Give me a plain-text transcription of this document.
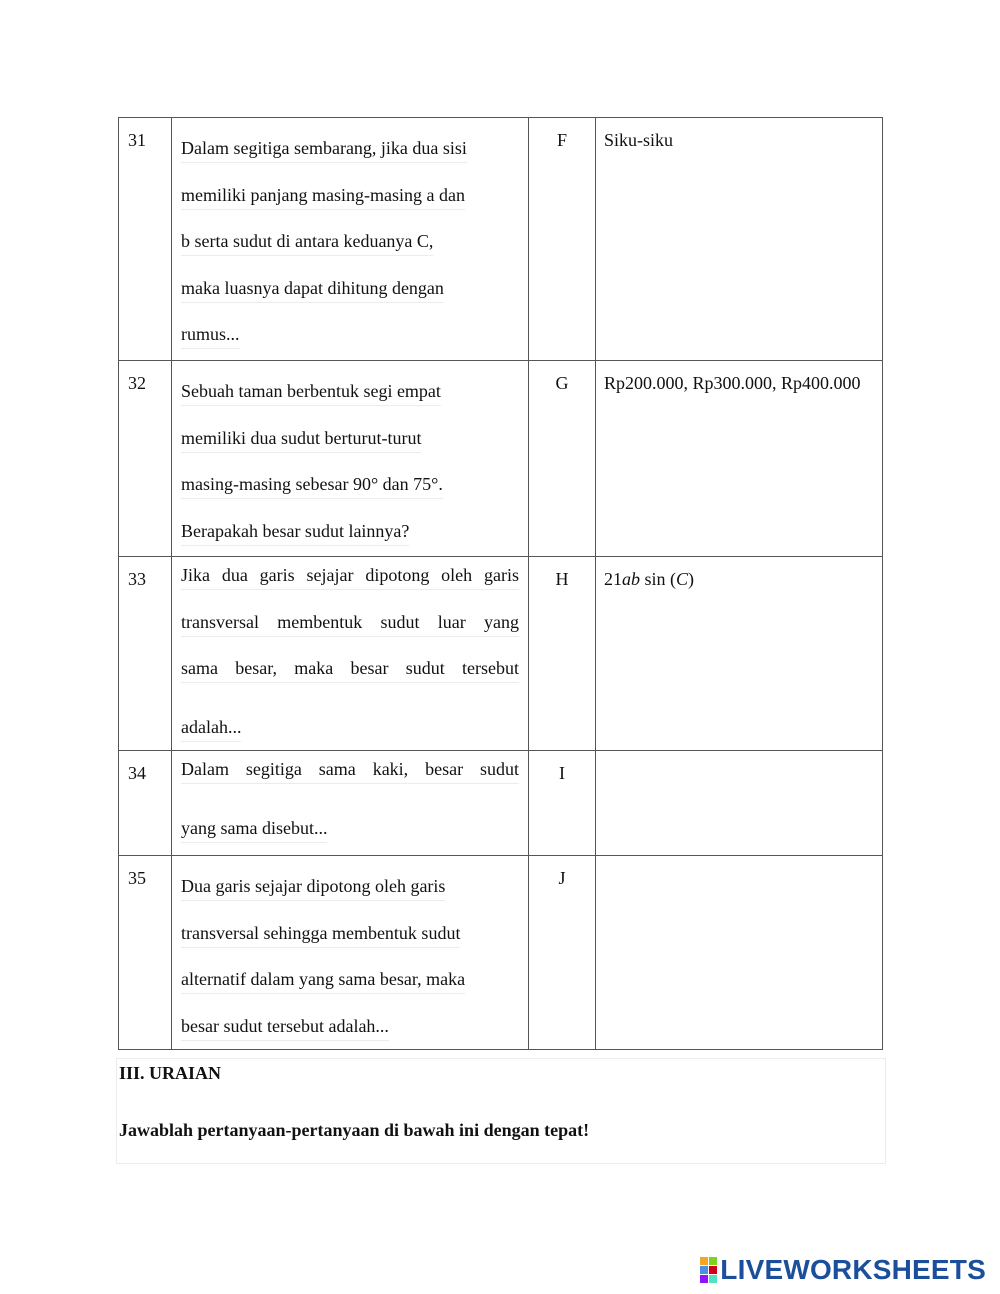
31	Dalam segitiga sembarang, jika dua sisi
memiliki panjang masing-masing a dan
b serta sudut di antara keduanya C,
maka luasnya dapat dihitung dengan
rumus...	F	Siku-siku
32	Sebuah taman berbentuk segi empat
memiliki dua sudut berturut-turut
masing-masing sebesar 90° dan 75°.
Berapakah besar sudut lainnya?	G	Rp200.000, Rp300.000, Rp400.000
33	Jika dua garis sejajar dipotong oleh garis
transversal membentuk sudut luar yang
sama besar, maka besar sudut tersebut
adalah...	H	21ab sin (C)
34	Dalam segitiga sama kaki, besar sudut
yang sama disebut...	I	
35	Dua garis sejajar dipotong oleh garis
transversal sehingga membentuk sudut
alternatif dalam yang sama besar, maka
besar sudut tersebut adalah...	J	
III. URAIAN
Jawablah pertanyaan-pertanyaan di bawah ini dengan tepat!
LIVEWORKSHEETS
